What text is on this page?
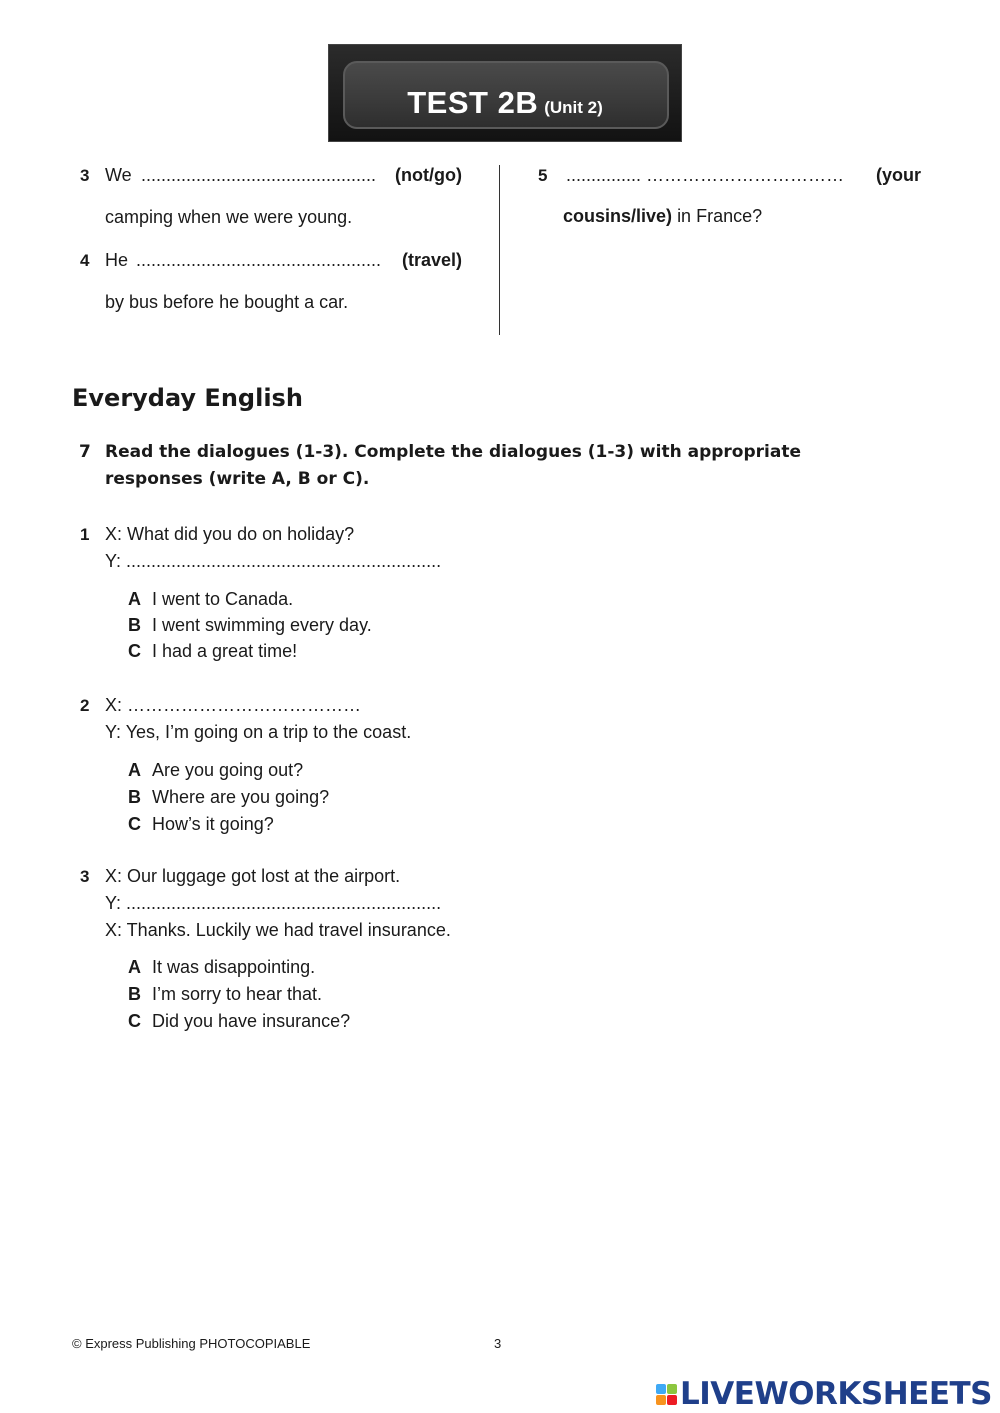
TEST 2B (Unit 2)
3 We ............................................... (not/go)
camping when we were young.
4 He ................................................. (travel)
by bus before he bought a car.
5 ............... …………………………… (your
cousins/live) in France?
Everyday English
7 Read the dialogues (1-3). Complete the dialogues (1-3) with appropriate
responses (write A, B or C).
1 X: What did you do on holiday?
Y: ...............................................................
A I went to Canada.
B I went swimming every day.
C I had a great time!
2 X: …………………………………
Y: Yes, I’m going on a trip to the coast.
A Are you going out?
B Where are you going?
C How’s it going?
3 X: Our luggage got lost at the airport.
Y: ...............................................................
X: Thanks. Luckily we had travel insurance.
A It was disappointing.
B I’m sorry to hear that.
C Did you have insurance?
© Express Publishing PHOTOCOPIABLE	3
LIVEWORKSHEETS
